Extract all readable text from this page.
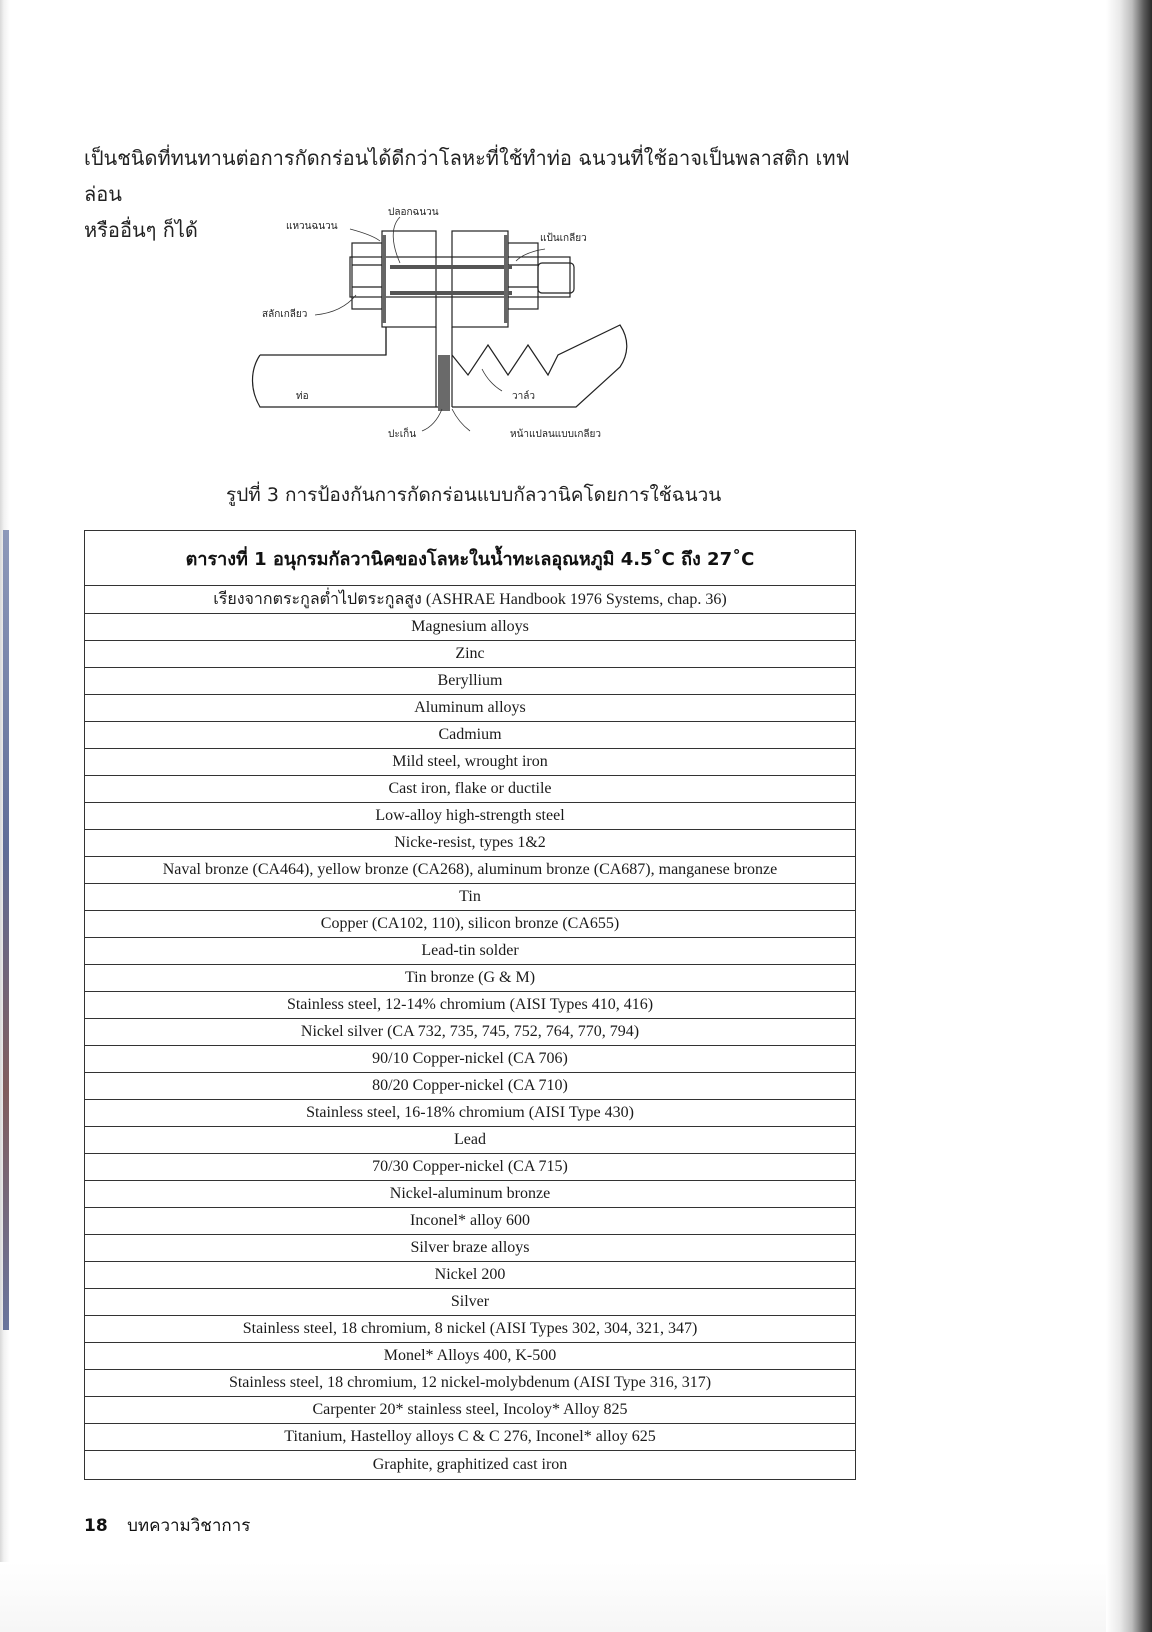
เป็นชนิดที่ทนทานต่อการกัดกร่อนได้ดีกว่าโลหะที่ใช้ทำท่อ ฉนวนที่ใช้อาจเป็นพลาสติก เทฟล่อน

หรืออื่นๆ ก็ได้

ปลอกฉนวน
แหวนฉนวน
แป้นเกลียว
สลักเกลียว
ท่อ	วาล์ว
ปะเก็น	หน้าแปลนแบบเกลียว
รูปที่ 3 การป้องกันการกัดกร่อนแบบกัลวานิคโดยการใช้ฉนวน
ตารางที่ 1 อนุกรมกัลวานิคของโลหะในน้ำทะเลอุณหภูมิ 4.5˚C ถึง 27˚C
เรียงจากตระกูลต่ำไปตระกูลสูง (ASHRAE Handbook 1976 Systems, chap. 36)
Magnesium alloys
Zinc
Beryllium
Aluminum alloys
Cadmium
Mild steel, wrought iron
Cast iron, flake or ductile
Low-alloy high-strength steel
Nicke-resist, types 1&2
Naval bronze (CA464), yellow bronze (CA268), aluminum bronze (CA687), manganese bronze
Tin
Copper (CA102, 110), silicon bronze (CA655)
Lead-tin solder
Tin bronze (G & M)
Stainless steel, 12-14% chromium (AISI Types 410, 416)
Nickel silver (CA 732, 735, 745, 752, 764, 770, 794)
90/10 Copper-nickel (CA 706)
80/20 Copper-nickel (CA 710)
Stainless steel, 16-18% chromium (AISI Type 430)
Lead
70/30 Copper-nickel (CA 715)
Nickel-aluminum bronze
Inconel* alloy 600
Silver braze alloys
Nickel 200
Silver
Stainless steel, 18 chromium, 8 nickel (AISI Types 302, 304, 321, 347)
Monel* Alloys 400, K-500
Stainless steel, 18 chromium, 12 nickel-molybdenum (AISI Type 316, 317)
Carpenter 20* stainless steel, Incoloy* Alloy 825
Titanium, Hastelloy alloys C & C 276, Inconel* alloy 625
Graphite, graphitized cast iron
18 บทความวิชาการ
